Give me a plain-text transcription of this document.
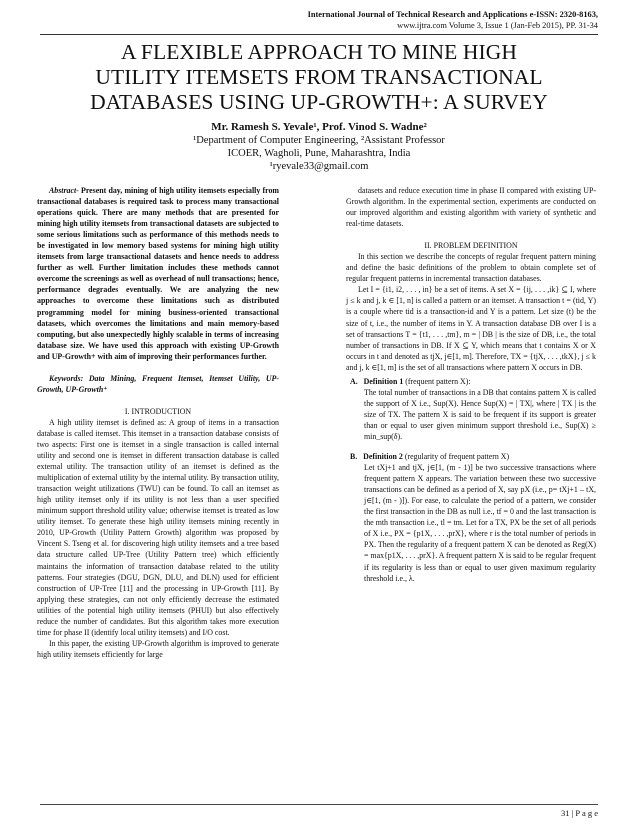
International Journal of Technical Research and Applications e-ISSN: 2320-8163,
www.ijtra.com Volume 3, Issue 1 (Jan-Feb 2015), PP. 31-34
A FLEXIBLE APPROACH TO MINE HIGH
UTILITY ITEMSETS FROM TRANSACTIONAL
DATABASES USING UP-GROWTH+: A SURVEY
Mr. Ramesh S. Yevale¹, Prof. Vinod S. Wadne²
¹Department of Computer Engineering, ²Assistant Professor
ICOER, Wagholi, Pune, Maharashtra, India
¹ryevale33@gmail.com

Abstract- Present day, mining of high utility itemsets especially from transactional databases is required task to process many transactional operations quick. There are many methods that are presented for mining high utility itemsets from transactional datasets are subjected to some serious limitations such as performance of this methods needs to be investigated in low memory based systems for mining high utility itemsets from large transactional datasets and hence needs to address further as well. Further limitation includes these methods cannot overcome the screenings as well as overhead of null transactions; hence, performance degrades eventually. We are analyzing the new approaches to overcome these limitations such as distributed programming model for mining business-oriented transactional datasets, which overcomes the limitations and main memory-based computing, but also unexpectedly highly scalable in terms of increasing database size. We have used this approach with existing UP-Growth and UP-Growth+ with aim of improving their performances further.

Keywords: Data Mining, Frequent Itemset, Itemset Utility, UP-Growth, UP-Growth⁺

I. INTRODUCTION

A high utility itemset is defined as: A group of items in a transaction database is called itemset. This itemset in a transaction database consists of two aspects: First one is itemset in a single transaction is called internal utility and second one is itemset in different transaction database is called external utility. The transaction utility of an itemset is defined as the multiplication of external utility by the internal utility. By transaction utility, transaction weight utilizations (TWU) can be found. To call an itemset as high utility itemset only if its utility is not less than a user specified minimum support threshold utility value; otherwise itemset is treated as low utility itemset. To generate these high utility itemsets mining recently in 2010, UP-Growth (Utility Pattern Growth) algorithm was proposed by Vincent S. Tseng et al. for discovering high utility itemsets and a tree based data structure called UP-Tree (Utility Pattern tree) which efficiently maintains the information of transaction database related to the utility patterns. Four strategies (DGU, DGN, DLU, and DLN) used for efficient construction of UP-Tree [11] and the processing in UP-Growth [11]. By applying these strategies, can not only efficiently decrease the estimated utilities of the potential high utility itemsets (PHUI) but also effectively reduce the number of candidates. But this algorithm takes more execution time for phase II (identify local utility itemsets) and I/O cost.

In this paper, the existing UP-Growth algorithm is improved to generate high utility itemsets efficiently for large

datasets and reduce execution time in phase II compared with existing UP-Growth algorithm. In the experimental section, experiments are conducted on our improved algorithm and existing algorithm with variety of synthetic and real-time datasets.

II. PROBLEM DEFINITION

In this section we describe the concepts of regular frequent pattern mining and define the basic definitions of the problem to obtain complete set of regular frequent patterns in incremental transaction databases.

Let I = {i1, i2, . . . , in} be a set of items. A set X = {ij, . . . ,ik} ⊆ I, where j ≤ k and j, k ∈ [1, n] is called a pattern or an itemset. A transaction t = (tid, Y) is a couple where tid is a transaction-id and Y is a pattern. Let size (t) be the size of t, i.e., the number of items in Y. A transaction database DB over I is a set of transactions T = {t1, . . . ,tm}, m = | DB | is the size of DB, i.e., the total number of transactions in DB. If X ⊆ Y, which means that t contains X or X occurs in t and denoted as tjX, j∈[1, m]. Therefore, TX = {tjX, . . . ,tkX}, j ≤ k and j, k ∈[1, m] is the set of all transactions where pattern X occurs in DB.

A. Definition 1 (frequent pattern X):

The total number of transactions in a DB that contains pattern X is called the support of X i.e., Sup(X). Hence Sup(X) = | TX|, where | TX | is the size of TX. The pattern X is said to be frequent if its support is greater than or equal to user given minimum support threshold i.e., Sup(X) ≥ min_sup(δ).

B. Definition 2 (regularity of frequent pattern X)

Let tXj+1 and tjX, j∈[1, (m - 1)] be two successive transactions where frequent pattern X appears. The variation between these two successive transactions can be defined as a period of X, say pX (i.e., p= tXj+1 – tX, j∈[1, (m - )]). For ease, to calculate the period of a pattern, we consider the first transaction in the DB as null i.e., tf = 0 and the last transaction is the mth transaction i.e., tl = tm. Let for a TX, PX be the set of all periods of X i.e., PX = {p1X, . . . ,prX}, where r is the total number of periods in PX. Then the regularity of a frequent pattern X can be denoted as Reg(X) = max{p1X, . . . ,prX}. A frequent pattern X is said to be regular frequent if its regularity is less than or equal to user given maximum regularity threshold i.e., λ.

31 | P a g e
